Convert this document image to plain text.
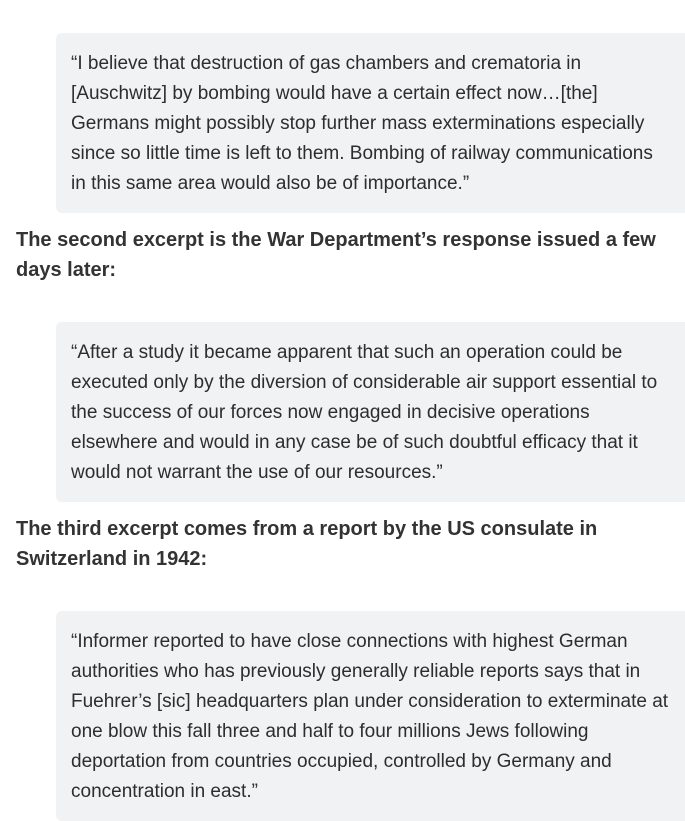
“I believe that destruction of gas chambers and crematoria in
[Auschwitz] by bombing would have a certain effect now…[the]
Germans might possibly stop further mass exterminations especially
since so little time is left to them. Bombing of railway communications
in this same area would also be of importance.”

The second excerpt is the War Department’s response issued a few
days later:

“After a study it became apparent that such an operation could be
executed only by the diversion of considerable air support essential to
the success of our forces now engaged in decisive operations
elsewhere and would in any case be of such doubtful efficacy that it
would not warrant the use of our resources.”

The third excerpt comes from a report by the US consulate in
Switzerland in 1942:

“Informer reported to have close connections with highest German
authorities who has previously generally reliable reports says that in
Fuehrer’s [sic] headquarters plan under consideration to exterminate at
one blow this fall three and half to four millions Jews following
deportation from countries occupied, controlled by Germany and
concentration in east.”
